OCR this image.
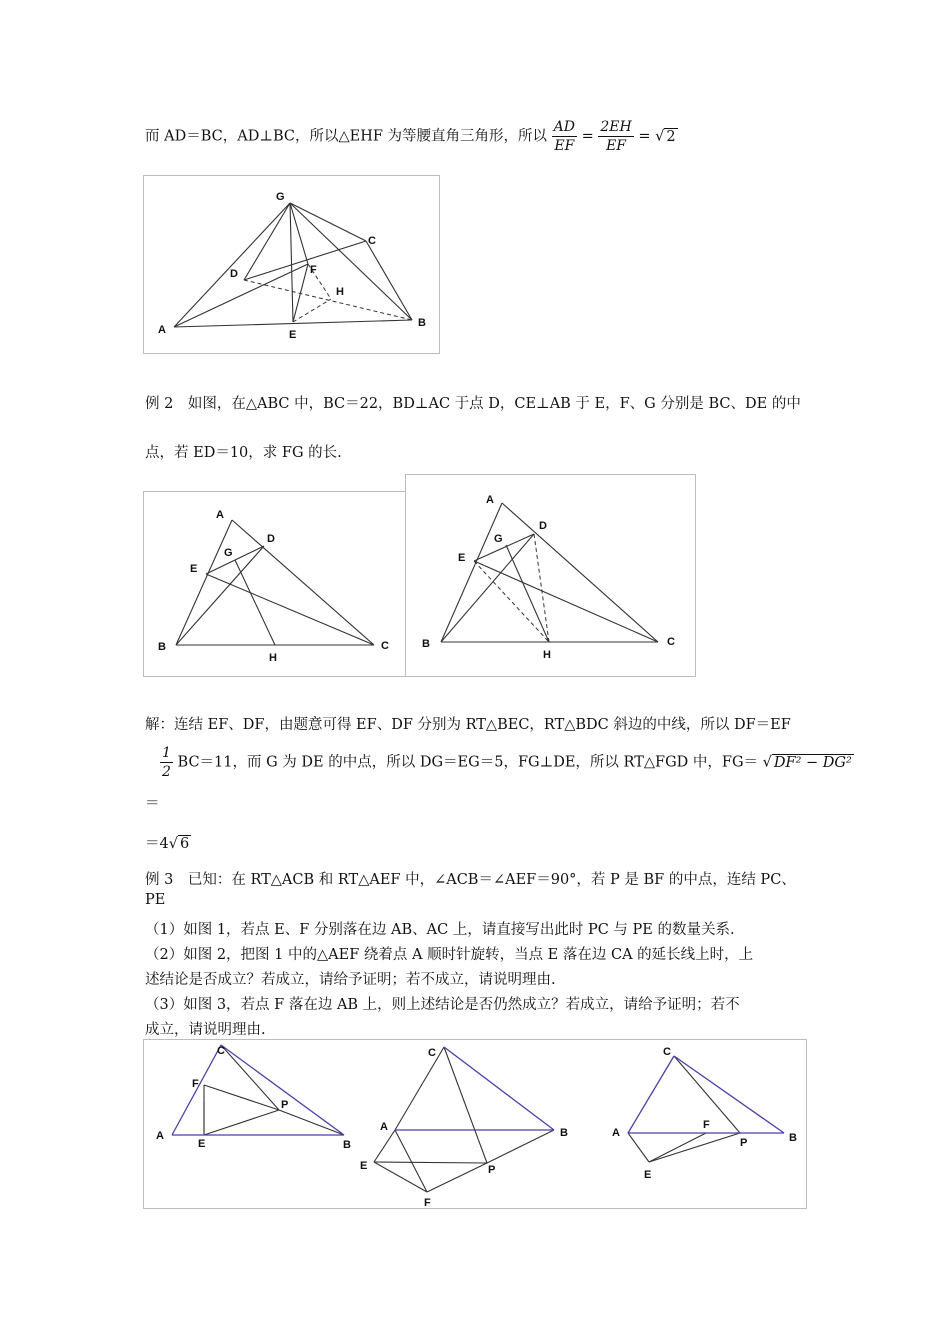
而 AD＝BC，AD⊥BC，所以△EHF 为等腰直角三角形，所以 $\frac{AD}{EF} = \frac{2EH}{EF}$ = √ 2
G
C
D	F
H
A	E
B
例 2　如图，在△ABC 中，BC＝22，BD⊥AC 于点 D，CE⊥AB 于 E，F、G 分别是 BC、DE 的中
点，若 ED＝10，求 FG 的长.
A
D
G
E
B
H
C
A
D
G
E
B
H
C
解：连结 EF、DF，由题意可得 EF、DF 分别为 RT△BEC，RT△BDC 斜边的中线，所以 DF＝EF
$\frac{1}{2} BC=11$，而 G 为 DE 的中点，所以 DG＝EG＝5，FG⊥DE，所以 RT△FGD 中，FG＝ √ DF² − DG²
＝
＝4√ 6
例 3　已知：在 RT△ACB 和 RT△AEF 中，∠ACB＝∠AEF＝90°，若 P 是 BF 的中点，连结 PC、
PE
（1）如图 1，若点 E、F 分别落在边 AB、AC 上，请直接写出此时 PC 与 PE 的数量关系.
（2）如图 2，把图 1 中的△AEF 绕着点 A 顺时针旋转，当点 E 落在边 CA 的延长线上时，上
述结论是否成立？若成立，请给予证明；若不成立，请说明理由.
（3）如图 3，若点 F 落在边 AB 上，则上述结论是否仍然成立？若成立，请给予证明；若不
成立，请说明理由.
C
F
P
A
E	B
C
A	B
E	P
F
C
A
F
P	B
E
